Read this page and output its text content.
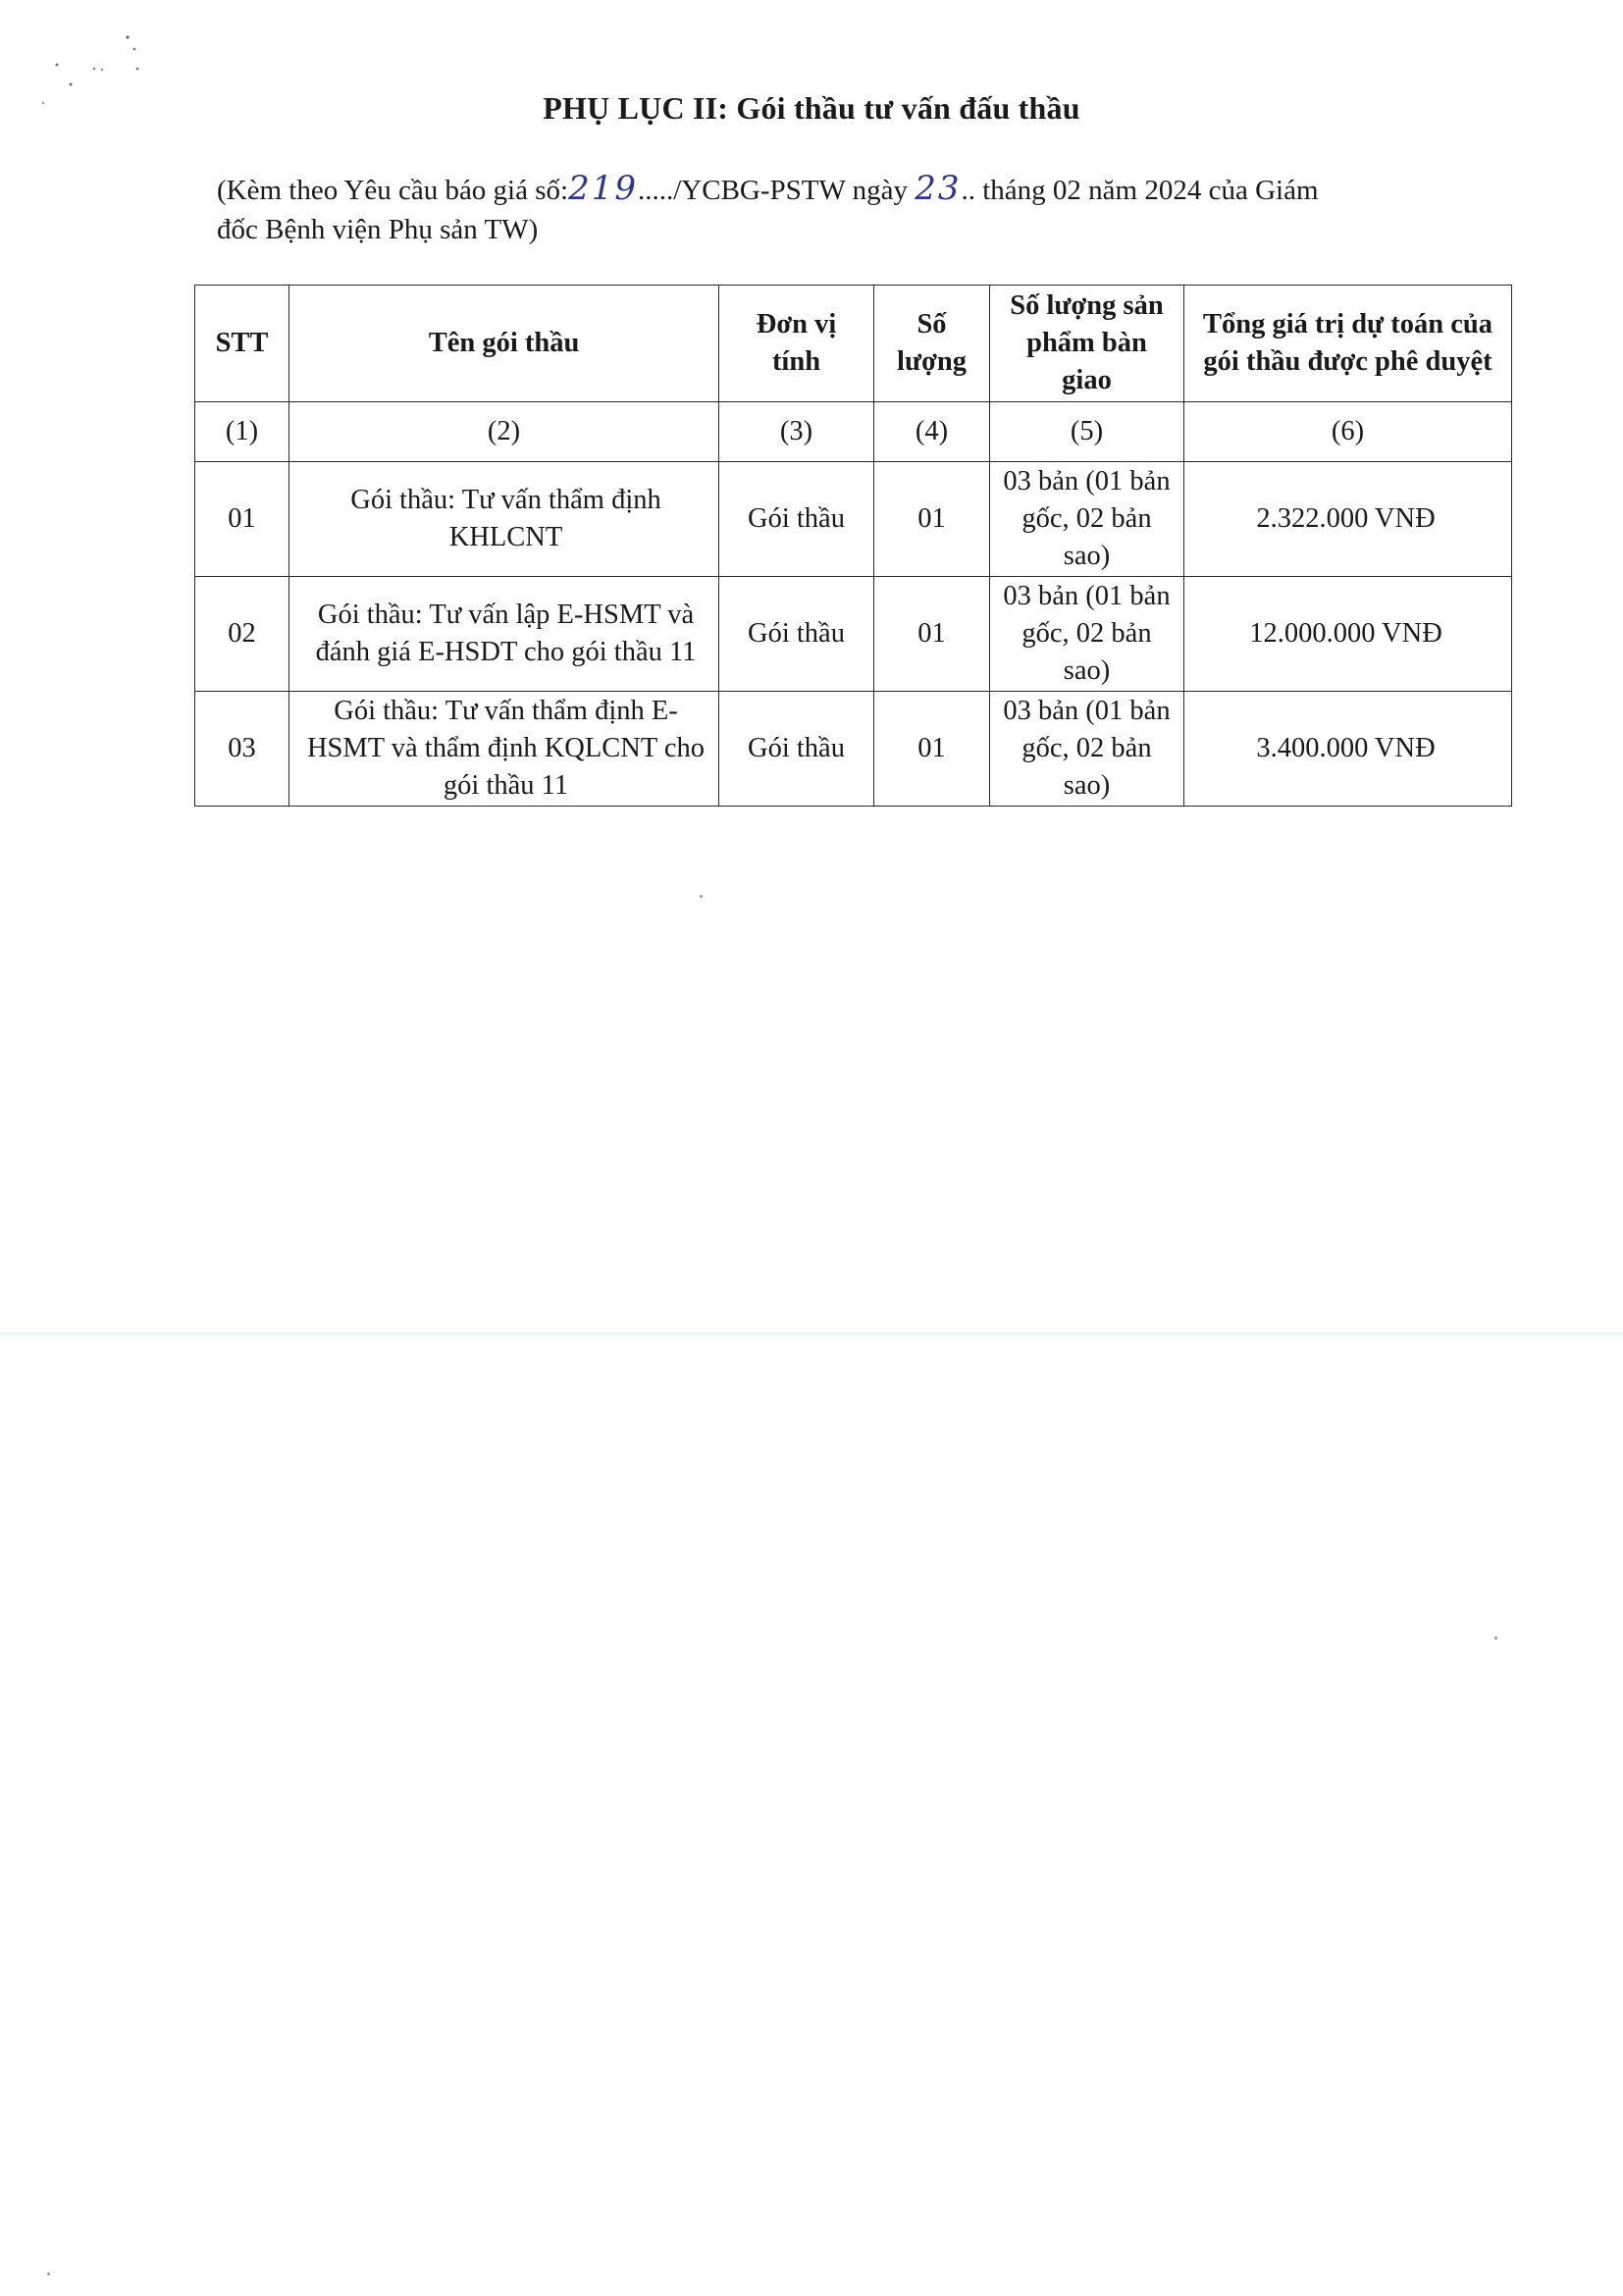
PHỤ LỤC II: Gói thầu tư vấn đấu thầu
(Kèm theo Yêu cầu báo giá số:219...../YCBG-PSTW ngày 23.. tháng 02 năm 2024 của Giám
đốc Bệnh viện Phụ sản TW)
STT	Tên gói thầu	Đơn vị tính	Số lượng	Số lượng sản phẩm bàn giao	Tổng giá trị dự toán của gói thầu được phê duyệt
(1)	(2)	(3)	(4)	(5)	(6)
01	Gói thầu: Tư vấn thẩm định KHLCNT	Gói thầu	01	03 bản (01 bản gốc, 02 bản sao)	2.322.000 VNĐ
02	Gói thầu: Tư vấn lập E-HSMT và đánh giá E-HSDT cho gói thầu 11	Gói thầu	01	03 bản (01 bản gốc, 02 bản sao)	12.000.000 VNĐ
03	Gói thầu: Tư vấn thẩm định E-HSMT và thẩm định KQLCNT cho gói thầu 11	Gói thầu	01	03 bản (01 bản gốc, 02 bản sao)	3.400.000 VNĐ
